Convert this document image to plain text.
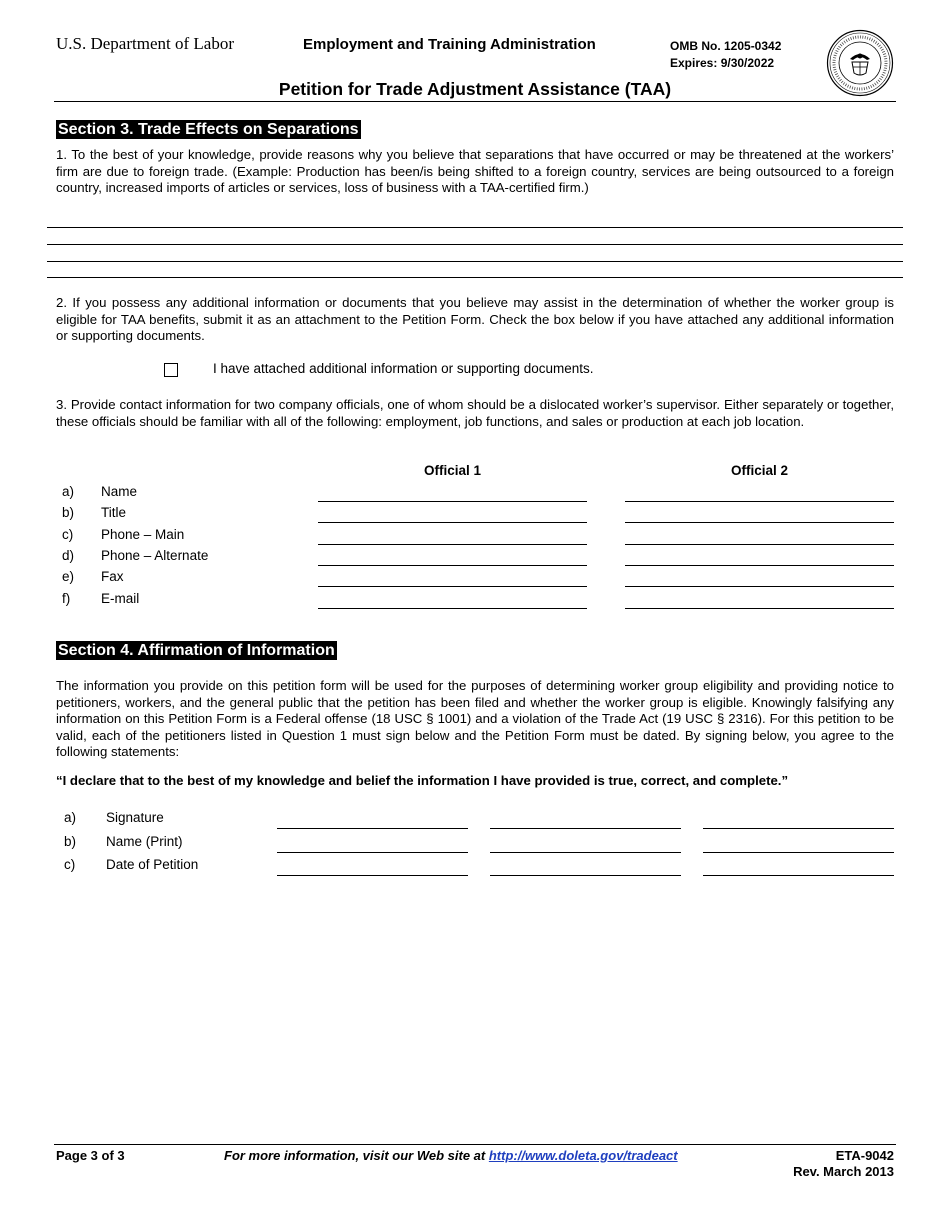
U.S. Department of Labor	Employment and Training Administration	OMB No. 1205-0342
Expires: 9/30/2022
Petition for Trade Adjustment Assistance (TAA)
Section 3. Trade Effects on Separations
1. To the best of your knowledge, provide reasons why you believe that separations that have occurred or may be threatened at the workers’ firm are due to foreign trade. (Example: Production has been/is being shifted to a foreign country, services are being outsourced to a foreign country, increased imports of articles or services, loss of business with a TAA-certified firm.)
2. If you possess any additional information or documents that you believe may assist in the determination of whether the worker group is eligible for TAA benefits, submit it as an attachment to the Petition Form. Check the box below if you have attached any additional information or supporting documents.
I have attached additional information or supporting documents.
3. Provide contact information for two company officials, one of whom should be a dislocated worker’s supervisor. Either separately or together, these officials should be familiar with all of the following: employment, job functions, and sales or production at each job location.
Official 1	Official 2
a) Name
b) Title
c) Phone – Main
d) Phone – Alternate
e) Fax
f) E-mail
Section 4. Affirmation of Information
The information you provide on this petition form will be used for the purposes of determining worker group eligibility and providing notice to petitioners, workers, and the general public that the petition has been filed and whether the worker group is eligible. Knowingly falsifying any information on this Petition Form is a Federal offense (18 USC § 1001) and a violation of the Trade Act (19 USC § 2316). For this petition to be valid, each of the petitioners listed in Question 1 must sign below and the Petition Form must be dated. By signing below, you agree to the following statements:
“I declare that to the best of my knowledge and belief the information I have provided is true, correct, and complete.”
a) Signature
b) Name (Print)
c) Date of Petition
Page 3 of 3	For more information, visit our Web site at http://www.doleta.gov/tradeact	ETA-9042
Rev. March 2013
